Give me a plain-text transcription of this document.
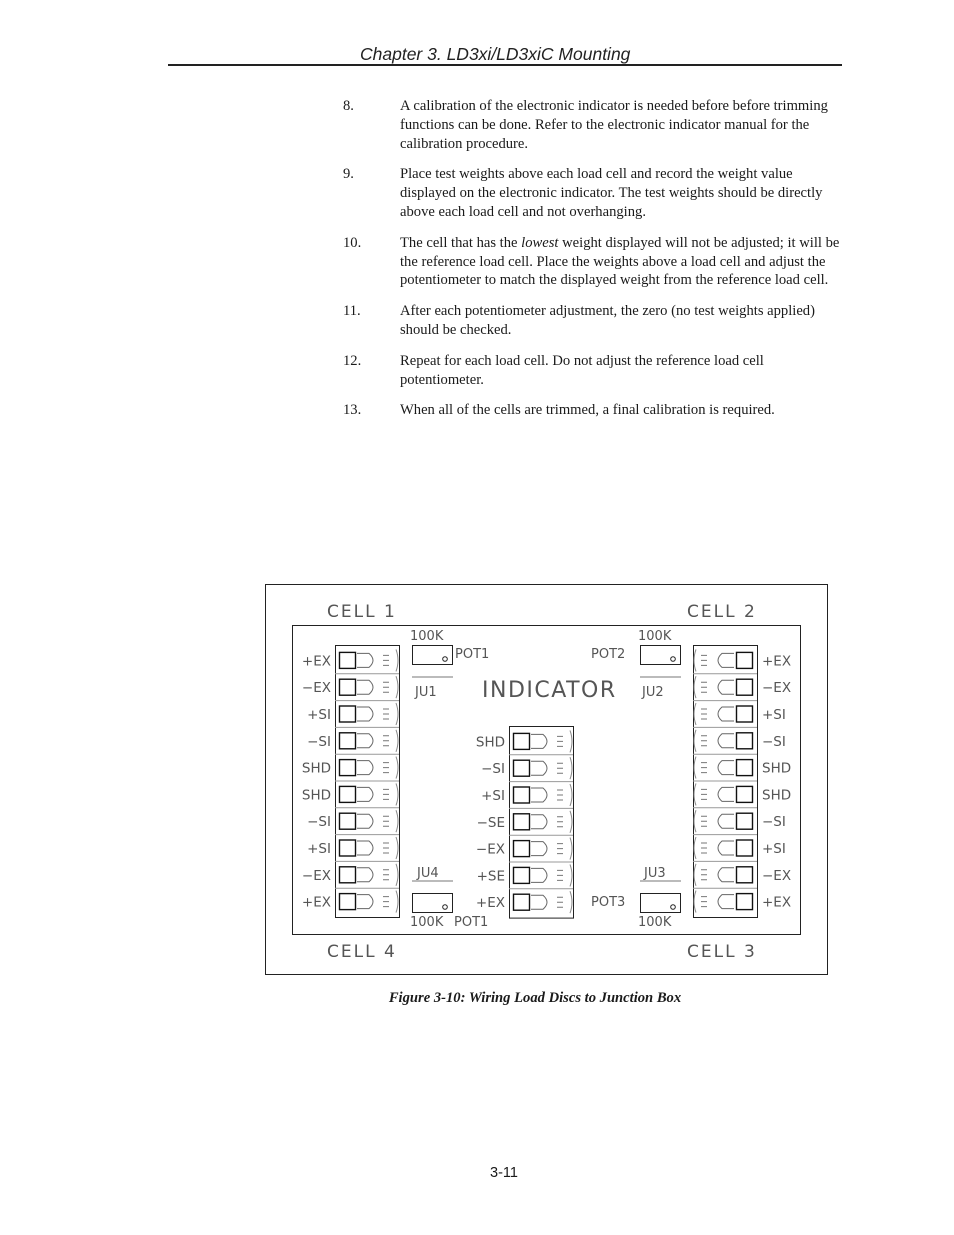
Chapter 3. LD3xi/LD3xiC Mounting
8.	A calibration of the electronic indicator is needed before before trimming functions can be done. Refer to the electronic indicator manual for the calibration procedure.
9.	Place test weights above each load cell and record the weight value displayed on the electronic indicator. The test weights should be directly above each load cell and not overhanging.
10.	The cell that has the lowest weight displayed will not be adjusted; it will be the reference load cell. Place the weights above a load cell and adjust the potentiometer to match the displayed weight from the reference load cell.
11.	After each potentiometer adjustment, the zero (no test weights applied) should be checked.
12.	Repeat for each load cell. Do not adjust the reference load cell potentiometer.
13.	When all of the cells are trimmed, a final calibration is required.
CELL 1	CELL 2
CELL 4	CELL 3
INDICATOR
100K
POT1
JU1
100K
POT2
JU2
JU4
100K POT1
JU3
POT3
100K
+EX
−EX
+SI
−SI
SHD
SHD
−SI
+SI
−EX
+EX
+EX
−EX
+SI
−SI
SHD
SHD
−SI
+SI
−EX
+EX
SHD
−SI
+SI
−SE
−EX
+SE
+EX
Figure 3-10: Wiring Load Discs to Junction Box
3-11
